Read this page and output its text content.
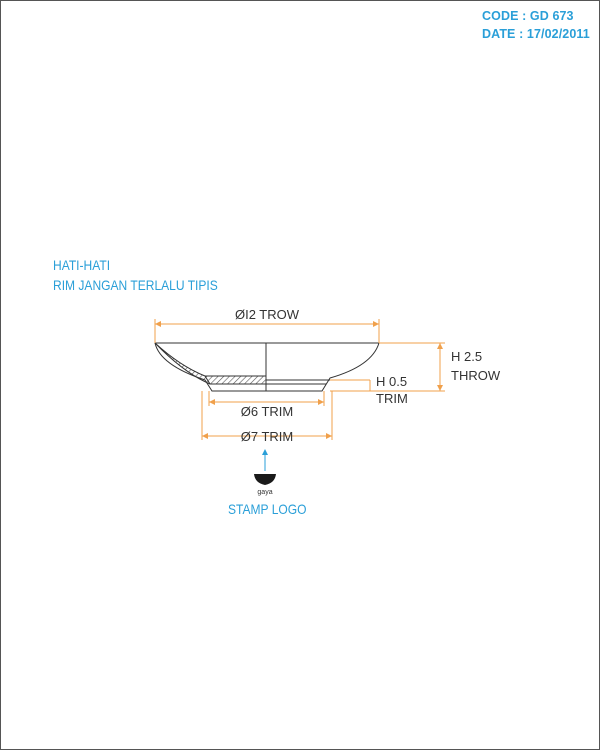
CODE : GD 673
DATE : 17/02/2011
HATI-HATI
RIM JANGAN TERLALU TIPIS
ØI2 TROW
Ø6 TRIM
Ø7 TRIM
H 2.5
THROW
H 0.5
TRIM
gaya
STAMP LOGO
